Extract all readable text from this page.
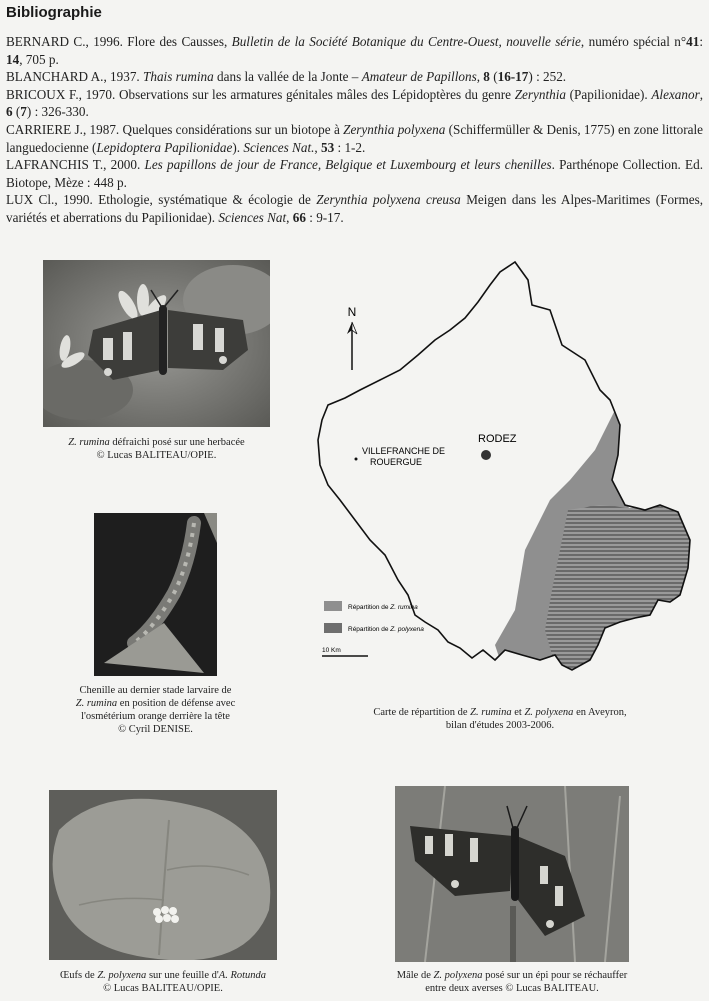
Bibliographie

BERNARD C., 1996. Flore des Causses, Bulletin de la Société Botanique du Centre-Ouest, nouvelle série, numéro spécial n°41: 14, 705 p.

BLANCHARD A., 1937. Thais rumina dans la vallée de la Jonte – Amateur de Papillons, 8 (16-17) : 252.

BRICOUX F., 1970. Observations sur les armatures génitales mâles des Lépidoptères du genre Zerynthia (Papilionidae). Alexanor, 6 (7) : 326-330.

CARRIERE J., 1987. Quelques considérations sur un biotope à Zerynthia polyxena (Schiffermüller & Denis, 1775) en zone littorale languedocienne (Lepidoptera Papilionidae). Sciences Nat., 53 : 1-2.

LAFRANCHIS T., 2000. Les papillons de jour de France, Belgique et Luxembourg et leurs chenilles. Parthénope Collection. Ed. Biotope, Mèze : 448 p.

LUX Cl., 1990. Ethologie, systématique & écologie de Zerynthia polyxena creusa Meigen dans les Alpes-Maritimes (Formes, variétés et aberrations du Papilionidae). Sciences Nat, 66 : 9-17.

Z. rumina défraichi posé sur une herbacée
© Lucas BALITEAU/OPIE.
Chenille au dernier stade larvaire de
Z. rumina en position de défense avec
l'osmétérium orange derrière la tête
© Cyril DENISE.
N
VILLEFRANCHE DE
ROUERGUE
RODEZ
Répartition de Z. rumina
Répartition de Z. polyxena
10 Km
Carte de répartition de Z. rumina et Z. polyxena en Aveyron,
bilan d'études 2003-2006.
Œufs de Z. polyxena sur une feuille d'A. Rotunda
© Lucas BALITEAU/OPIE.
Mâle de Z. polyxena posé sur un épi pour se réchauffer
entre deux averses © Lucas BALITEAU.
